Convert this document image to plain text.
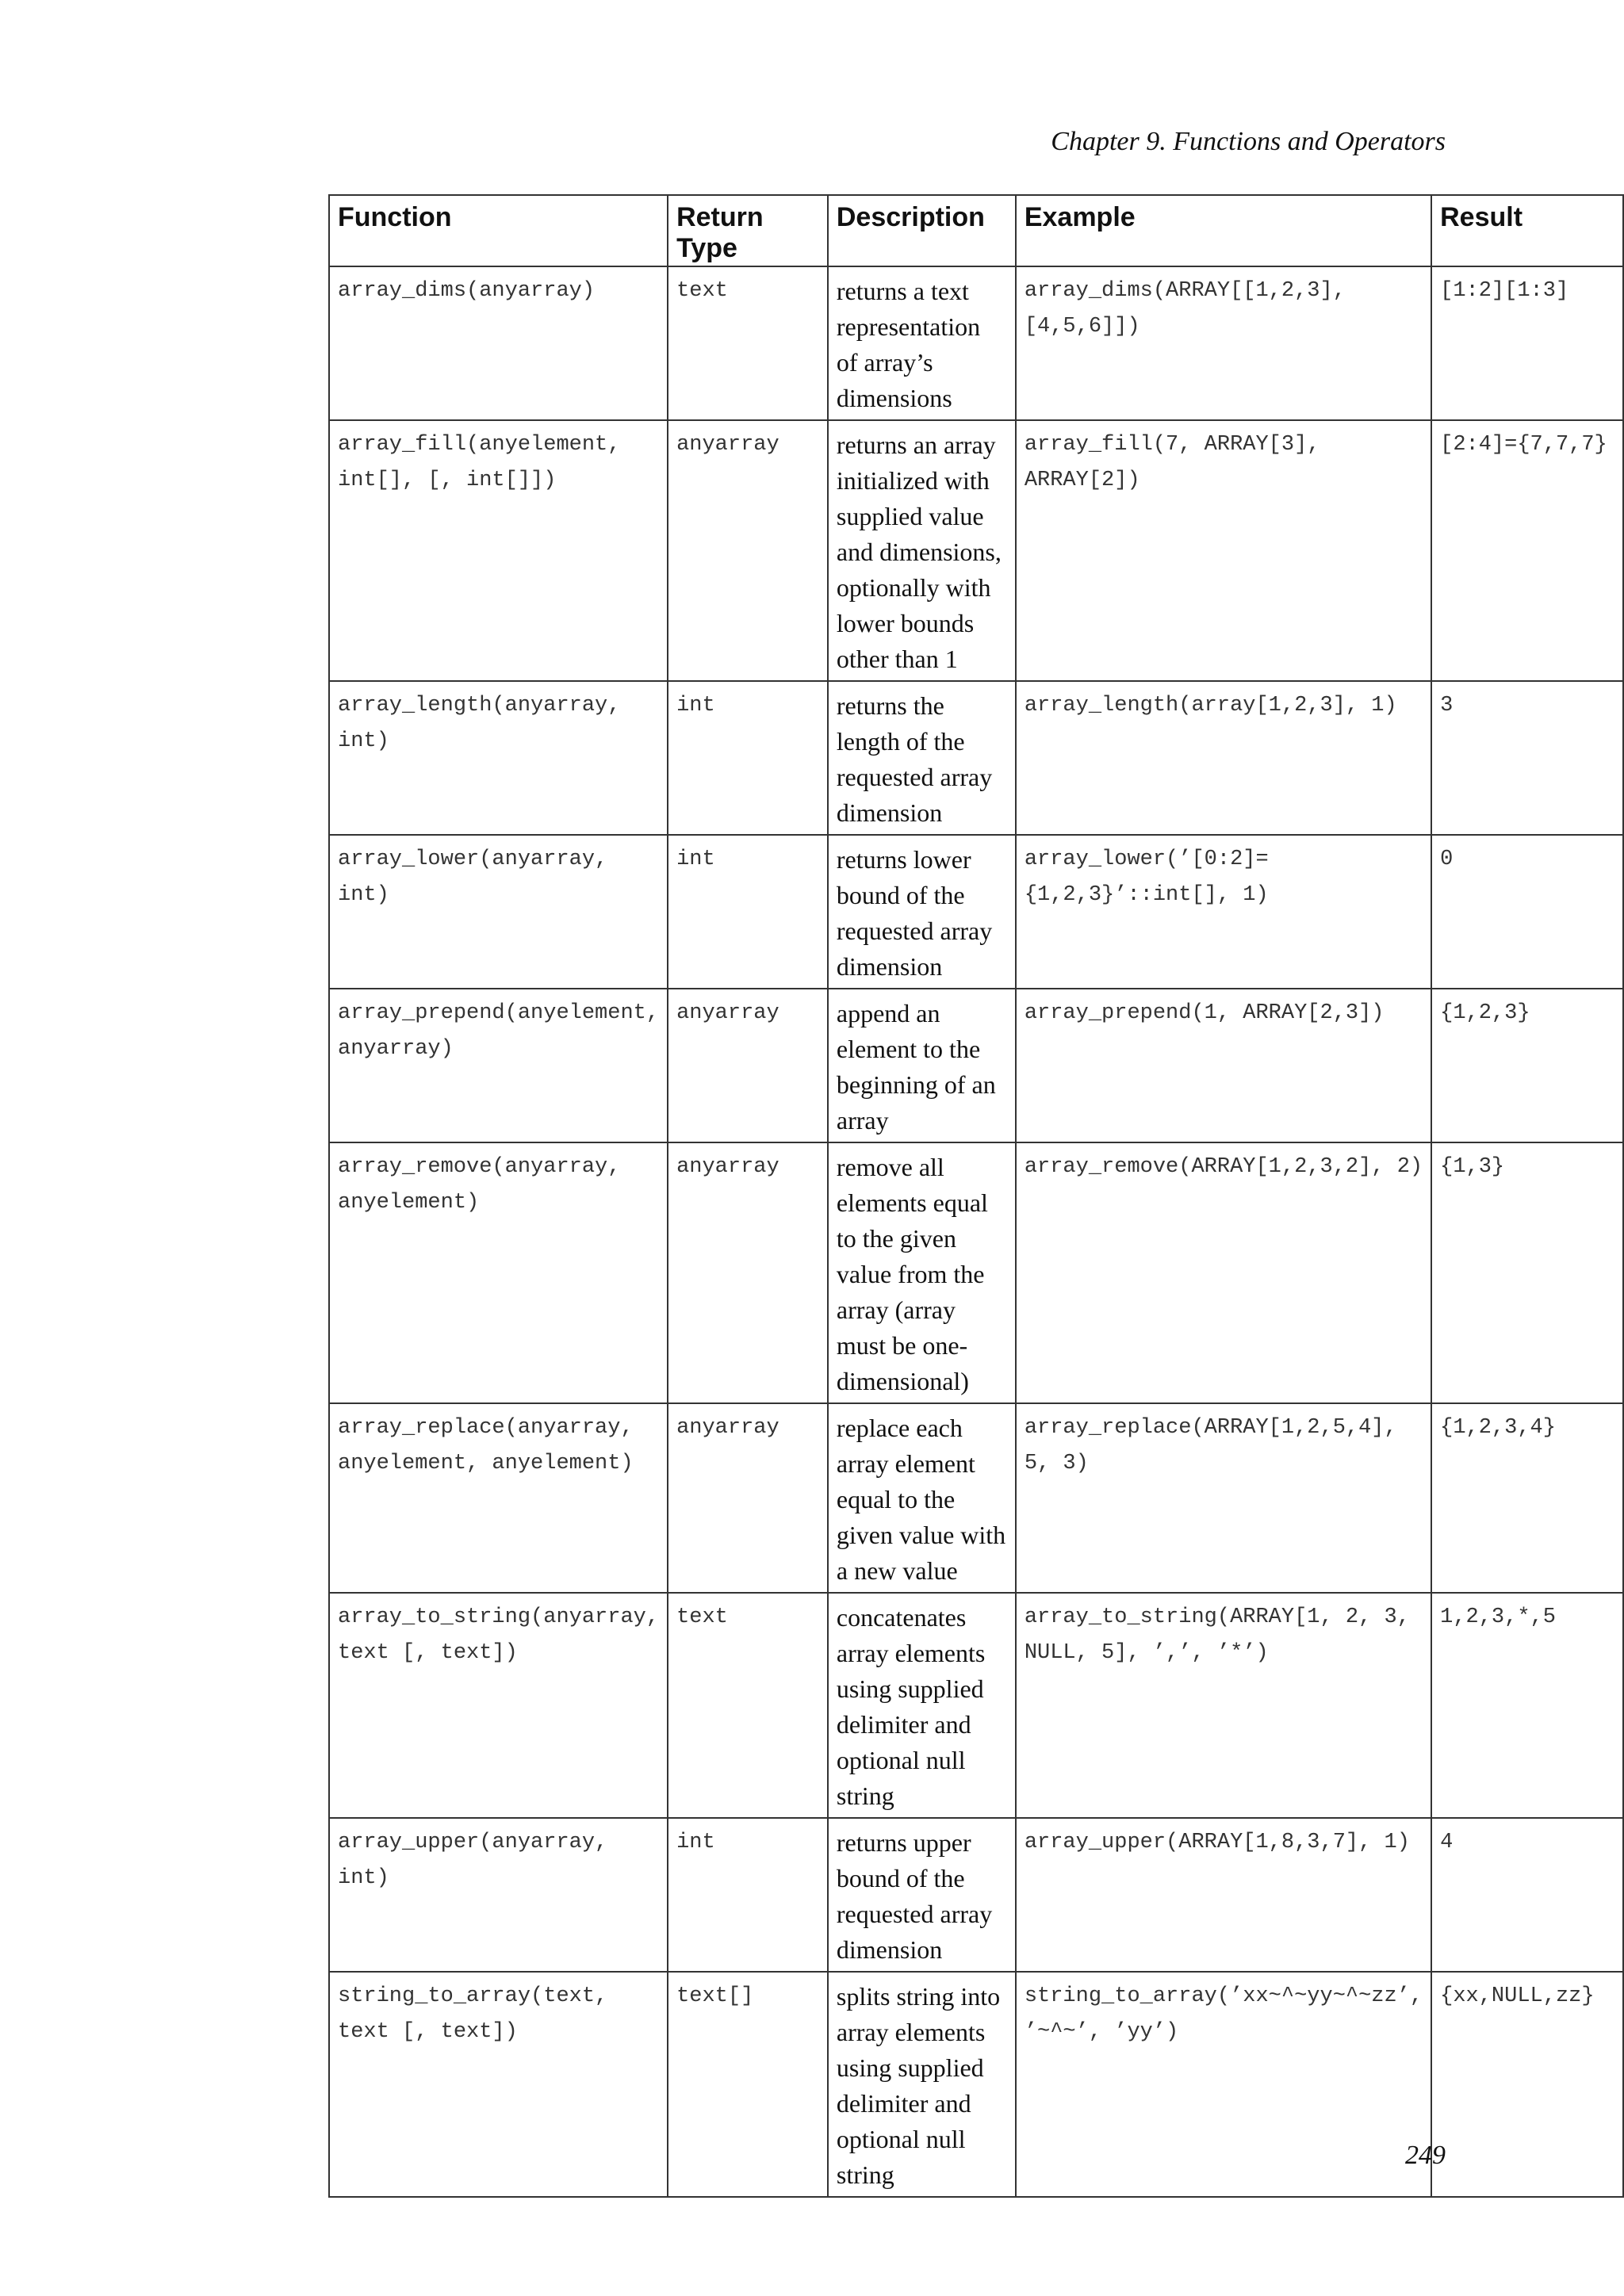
Chapter 9. Functions and Operators
Function	Return Type	Description	Example	Result
array_dims(anyarray)	text	returns a text representation of array’s dimensions	array_dims(ARRAY[[1,2,3], [4,5,6]])	[1:2][1:3]
array_fill(anyelement, int[], [, int[]])	anyarray	returns an array initialized with supplied value and dimensions, optionally with lower bounds other than 1	array_fill(7, ARRAY[3], ARRAY[2])	[2:4]={7,7,7}
array_length(anyarray, int)	int	returns the length of the requested array dimension	array_length(array[1,2,3], 1)	3
array_lower(anyarray, int)	int	returns lower bound of the requested array dimension	array_lower(’[0:2]={1,2,3}’::int[], 1)	0
array_prepend(anyelement, anyarray)	anyarray	append an element to the beginning of an array	array_prepend(1, ARRAY[2,3])	{1,2,3}
array_remove(anyarray, anyelement)	anyarray	remove all elements equal to the given value from the array (array must be one-dimensional)	array_remove(ARRAY[1,2,3,2], 2)	{1,3}
array_replace(anyarray, anyelement, anyelement)	anyarray	replace each array element equal to the given value with a new value	array_replace(ARRAY[1,2,5,4], 5, 3)	{1,2,3,4}
array_to_string(anyarray, text [, text])	text	concatenates array elements using supplied delimiter and optional null string	array_to_string(ARRAY[1, 2, 3, NULL, 5], ’,’, ’*’)	1,2,3,*,5
array_upper(anyarray, int)	int	returns upper bound of the requested array dimension	array_upper(ARRAY[1,8,3,7], 1)	4
string_to_array(text, text [, text])	text[]	splits string into array elements using supplied delimiter and optional null string	string_to_array(’xx~^~yy~^~zz’, ’~^~’, ’yy’)	{xx,NULL,zz}
249
